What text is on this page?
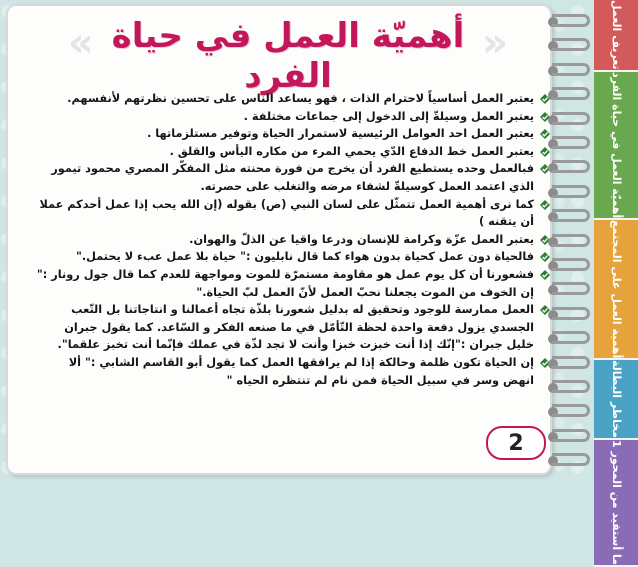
«	»
أهميّة العمل في حياة الفرد
يعتبر العمل أساسياً لاحترام الذات ، فهو يساعد الناس على تحسين نظرتهم لأنفسهم.
يعتبر العمل وسيلةّ إلى الدخول إلى جماعات مختلفة .
يعتبر العمل احد العوامل الرئيسية لاستمرار الحياة وتوفير مستلزماتها .
يعتبر العمل خط الدفاع الدّي يحمي المرء من مكاره اليأس والقلق .
فبالعمل وحده يستطيع الفرد أن يخرج من فورة محنته مثل المفكّر المصري محمود تيمور الذي اعتمد العمل كوسيلةّ لشفاء مرضه والتغلب على حصرته.
كما نرى أهمية العمل تتمثّل على لسان النبي (ص) بقوله (إن الله يحب إذا عمل أحدكم عملا أن يتقنه )
يعتبر العمل عزّة وكرامة للإنسان ودرعا واقيا عن الذلّ والهوان.
فالحياة دون عمل كحياة بدون هواء كما قال نابليون :" حياة بلا عمل عبء لا يحتمل."
فشعورنا أن كل يوم عمل هو مقاومة مستمرّة للموت ومواجهة للعدم كما قال جول رونار :" إن الخوف من الموت يجعلنا نحبّ العمل لأنّ العمل لبّ الحياة."
العمل ممارسة للوجود وتحقيق له بدليل شعورنا بلذّة تجاه أعمالنا و انتاجاتنا بل التّعب الجسدي يزول دفعة واحدة لحظة التّأمّل في ما صنعه الفكر و السّاعد. كما يقول جبران خليل جبران :"إنّك إذا أنت خبزت خبزا وأنت لا تجد لذّة في عملك فإنّما أنت تخبز علقما".
إن الحياة تكون ظلمة وحالكة إذا لم يرافقها العمل كما يقول أبو القاسم الشابي :" ألا انهض وسر في سبيل الحياة فمن نام لم تنتظره الحياه "
2
تعريف العمل
أهميّة العمل في حياة الفرد
أهمية العمل على المجتمع
مخاطر البطالة
ما أستفيد من المحور 1
